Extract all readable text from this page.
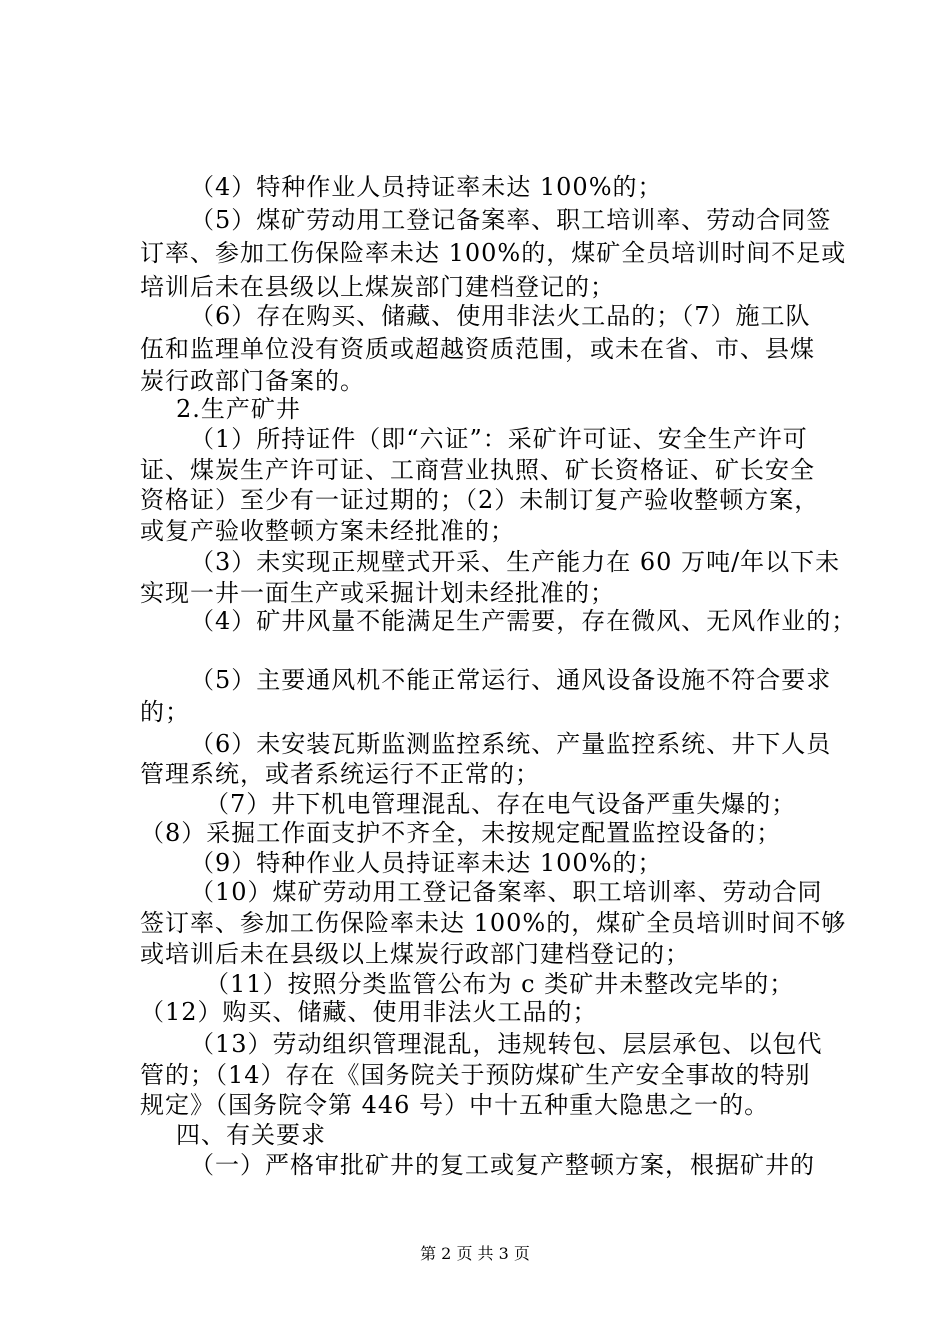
（4）特种作业人员持证率未达 100%的；
（5）煤矿劳动用工登记备案率、职工培训率、劳动合同签
订率、参加工伤保险率未达 100%的，煤矿全员培训时间不足或
培训后未在县级以上煤炭部门建档登记的；
（6）存在购买、储藏、使用非法火工品的；（7）施工队
伍和监理单位没有资质或超越资质范围，或未在省、市、县煤
炭行政部门备案的。
2.生产矿井
（1）所持证件（即“六证”：采矿许可证、安全生产许可
证、煤炭生产许可证、工商营业执照、矿长资格证、矿长安全
资格证）至少有一证过期的；（2）未制订复产验收整顿方案，
或复产验收整顿方案未经批准的；
（3）未实现正规壁式开采、生产能力在 60 万吨/年以下未
实现一井一面生产或采掘计划未经批准的；
（4）矿井风量不能满足生产需要，存在微风、无风作业的；
（5）主要通风机不能正常运行、通风设备设施不符合要求
的；
（6）未安装瓦斯监测监控系统、产量监控系统、井下人员
管理系统，或者系统运行不正常的；
（7）井下机电管理混乱、存在电气设备严重失爆的；
（8）采掘工作面支护不齐全，未按规定配置监控设备的；
（9）特种作业人员持证率未达 100%的；
（10）煤矿劳动用工登记备案率、职工培训率、劳动合同
签订率、参加工伤保险率未达 100%的，煤矿全员培训时间不够
或培训后未在县级以上煤炭行政部门建档登记的；
（11）按照分类监管公布为 c 类矿井未整改完毕的；
（12）购买、储藏、使用非法火工品的；
（13）劳动组织管理混乱，违规转包、层层承包、以包代
管的；（14）存在《国务院关于预防煤矿生产安全事故的特别
规定》（国务院令第 446 号）中十五种重大隐患之一的。
四、有关要求
（一）严格审批矿井的复工或复产整顿方案，根据矿井的
第 2 页 共 3 页
